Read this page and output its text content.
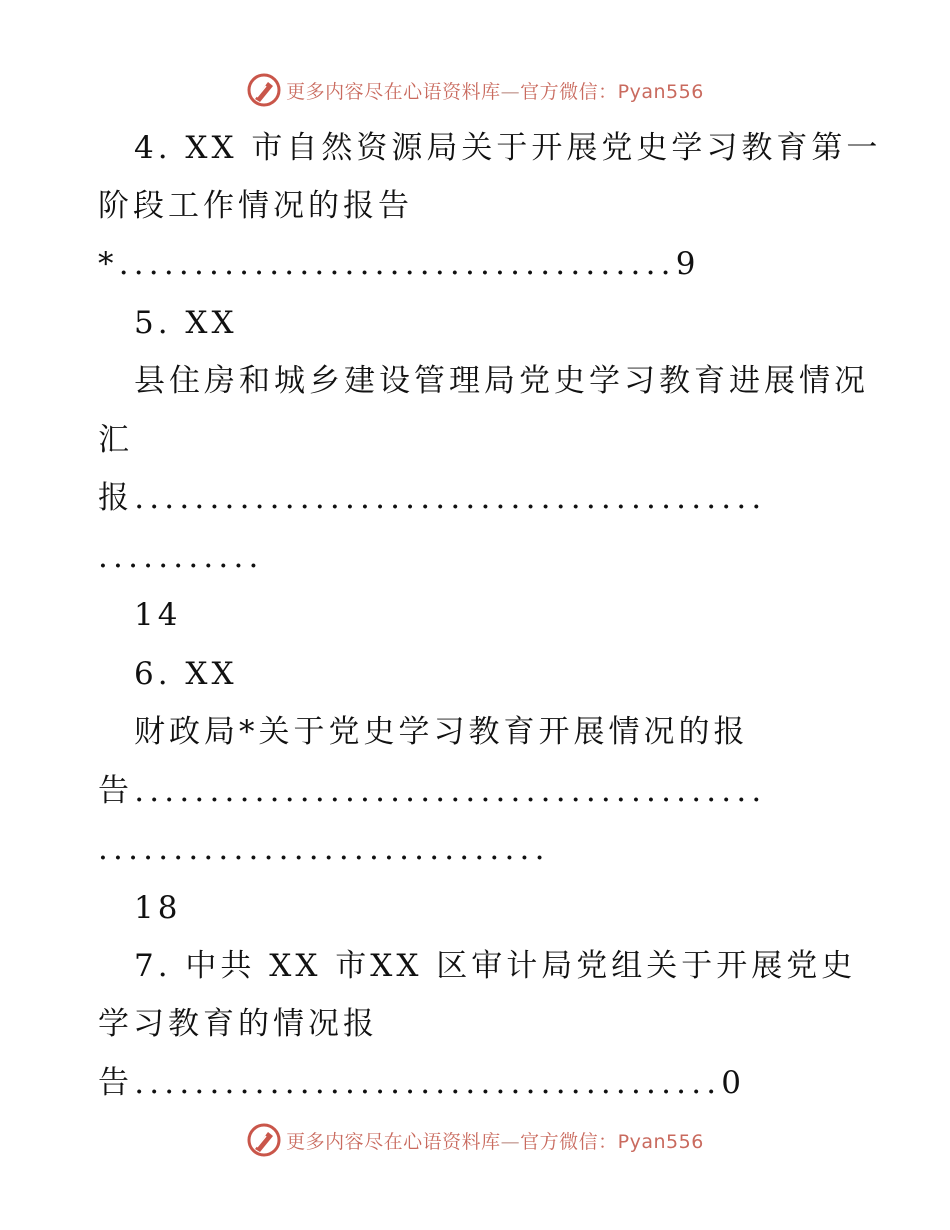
更多内容尽在心语资料库—官方微信：Pyan556
4. XX 市自然资源局关于开展党史学习教育第一
阶段工作情况的报告
*.....................................9
5. XX
县住房和城乡建设管理局党史学习教育进展情况
汇
报..........................................
...........
14
6. XX
财政局*关于党史学习教育开展情况的报
告..........................................
..............................
18
7. 中共 XX 市XX 区审计局党组关于开展党史
学习教育的情况报
告.......................................0
更多内容尽在心语资料库—官方微信：Pyan556
